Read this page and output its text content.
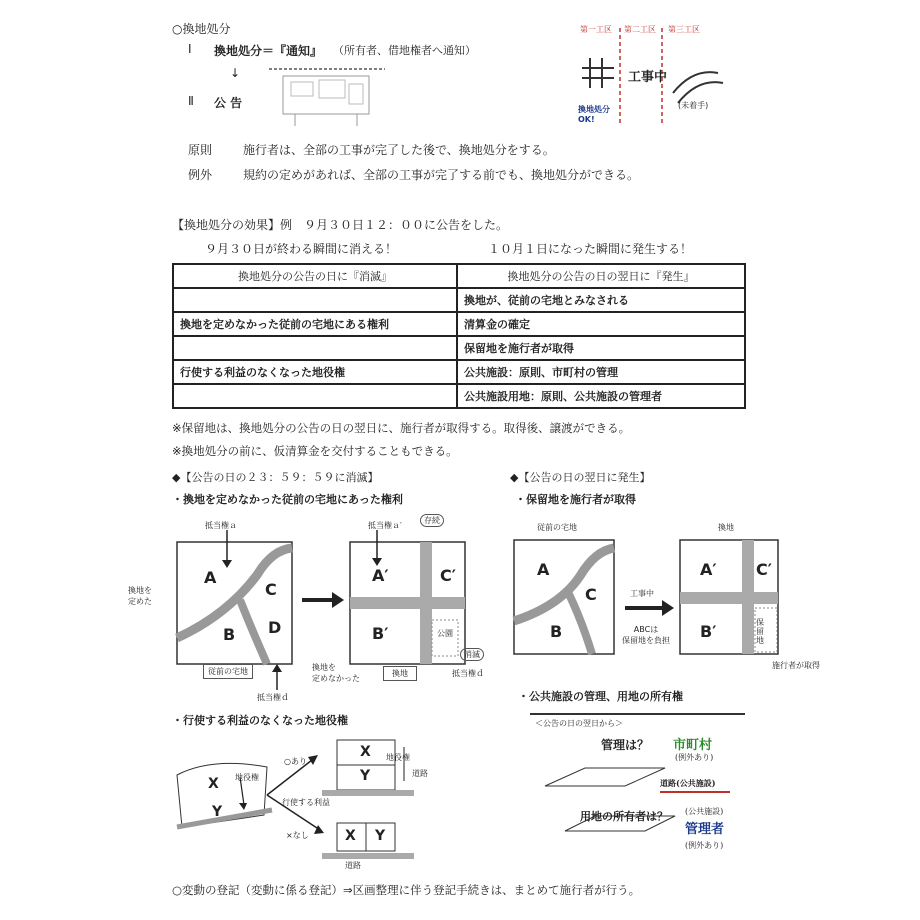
○換地処分
Ⅰ 換地処分＝『通知』 （所有者、借地権者へ通知）
↓
Ⅱ 公 告
第一工区 第二工区 第三工区
工事中
換地処分OK!
(未着手)
原則	施行者は、全部の工事が完了した後で、換地処分をする。
例外	規約の定めがあれば、全部の工事が完了する前でも、換地処分ができる。
【換地処分の効果】例　９月３０日１２：００に公告をした。
９月３０日が終わる瞬間に消える！	１０月１日になった瞬間に発生する！
換地処分の公告の日に『消滅』	換地処分の公告の日の翌日に『発生』
	換地が、従前の宅地とみなされる
換地を定めなかった従前の宅地にある権利	清算金の確定
	保留地を施行者が取得
行使する利益のなくなった地役権	公共施設：原則、市町村の管理
	公共施設用地：原則、公共施設の管理者
※保留地は、換地処分の公告の日の翌日に、施行者が取得する。取得後、譲渡ができる。
※換地処分の前に、仮清算金を交付することもできる。
◆【公告の日の２３：５９：５９に消滅】
・換地を定めなかった従前の宅地にあった権利
抵当権ａ	抵当権ａ′
存続
A
C
B D
換地を
定めた
換地を
定めなかった
従前の宅地
抵当権ｄ
A′	C′
B′	公園
換地
消滅
抵当権ｄ
◆【公告の日の翌日に発生】
・保留地を施行者が取得
従前の宅地	換地
A
C
B
工事中
ABCは
保留地を負担
A′ C′
B′	保留地
施行者が取得
・行使する利益のなくなった地役権
X
Y
地役権
○あり
行使する利益
×なし
X
Y
地役権
道路
X Y
道路
・公共施設の管理、用地の所有権
＜公告の日の翌日から＞
管理は？ 市町村
(例外あり)
道路(公共施設)
用地の所有者は？ (公共施設)
管理者
(例外あり)
○変動の登記（変動に係る登記）⇒区画整理に伴う登記手続きは、まとめて施行者が行う。
